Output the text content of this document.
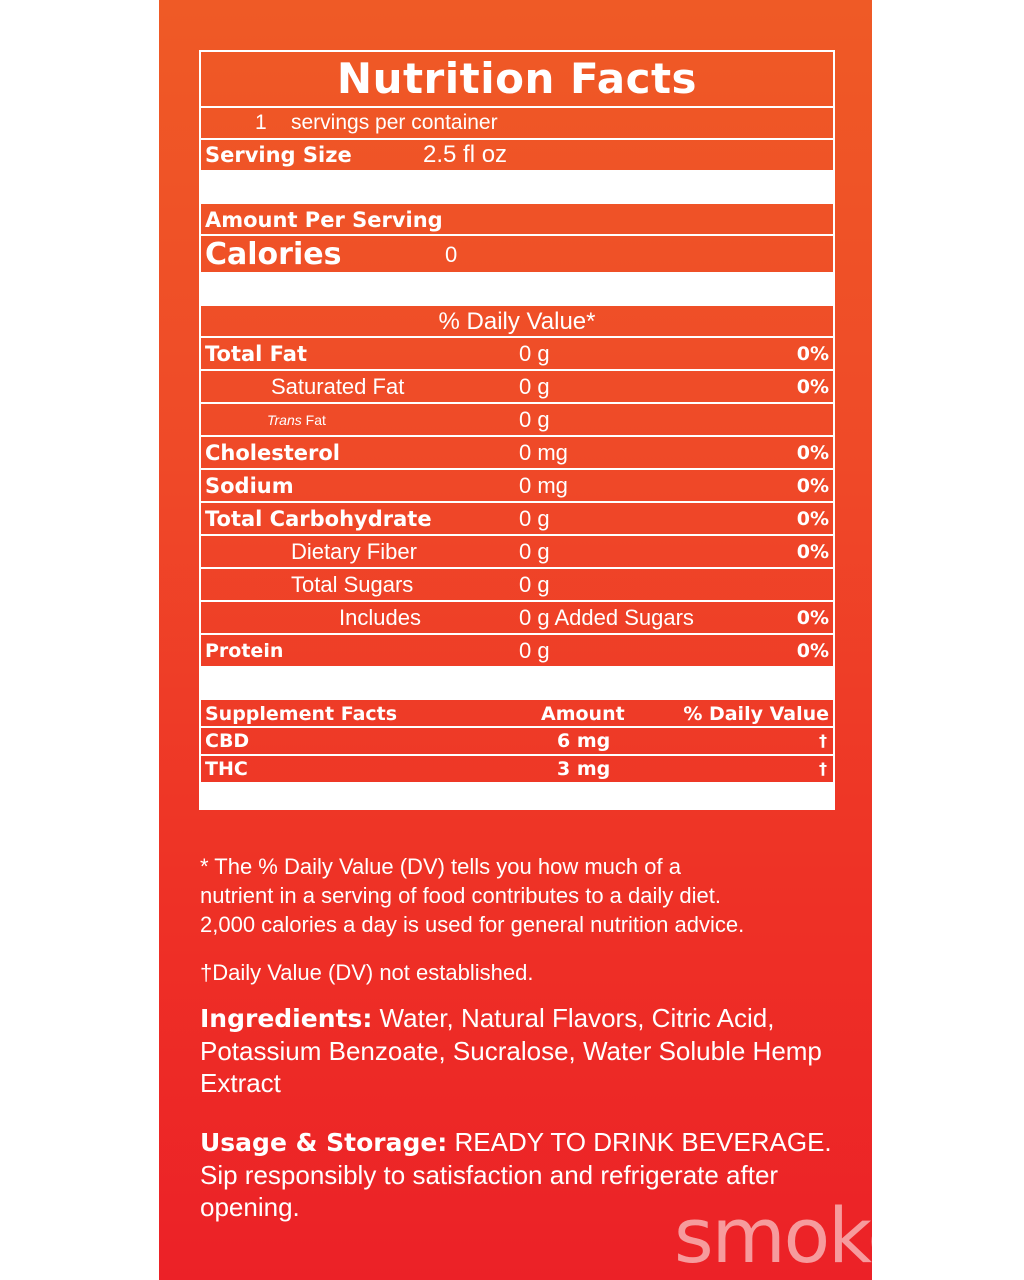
Nutrition Facts
1 servings per container
Serving Size	2.5 fl oz
Amount Per Serving
Calories	0
% Daily Value*
Total Fat	0 g	0%
Saturated Fat	0 g	0%
Trans Fat	0 g
Cholesterol	0 mg	0%
Sodium	0 mg	0%
Total Carbohydrate	0 g	0%
Dietary Fiber	0 g	0%
Total Sugars	0 g
Includes	0 g Added Sugars	0%
Protein	0 g	0%
Supplement Facts	Amount	% Daily Value
CBD	6 mg	†
THC	3 mg	†
* The % Daily Value (DV) tells you how much of a
nutrient in a serving of food contributes to a daily diet.
2,000 calories a day is used for general nutrition advice.
†Daily Value (DV) not established.
Ingredients: Water, Natural Flavors, Citric Acid, Potassium Benzoate, Sucralose, Water Soluble Hemp Extract
Usage & Storage: READY TO DRINK BEVERAGE. Sip responsibly to satisfaction and refrigerate after opening.	smokea
